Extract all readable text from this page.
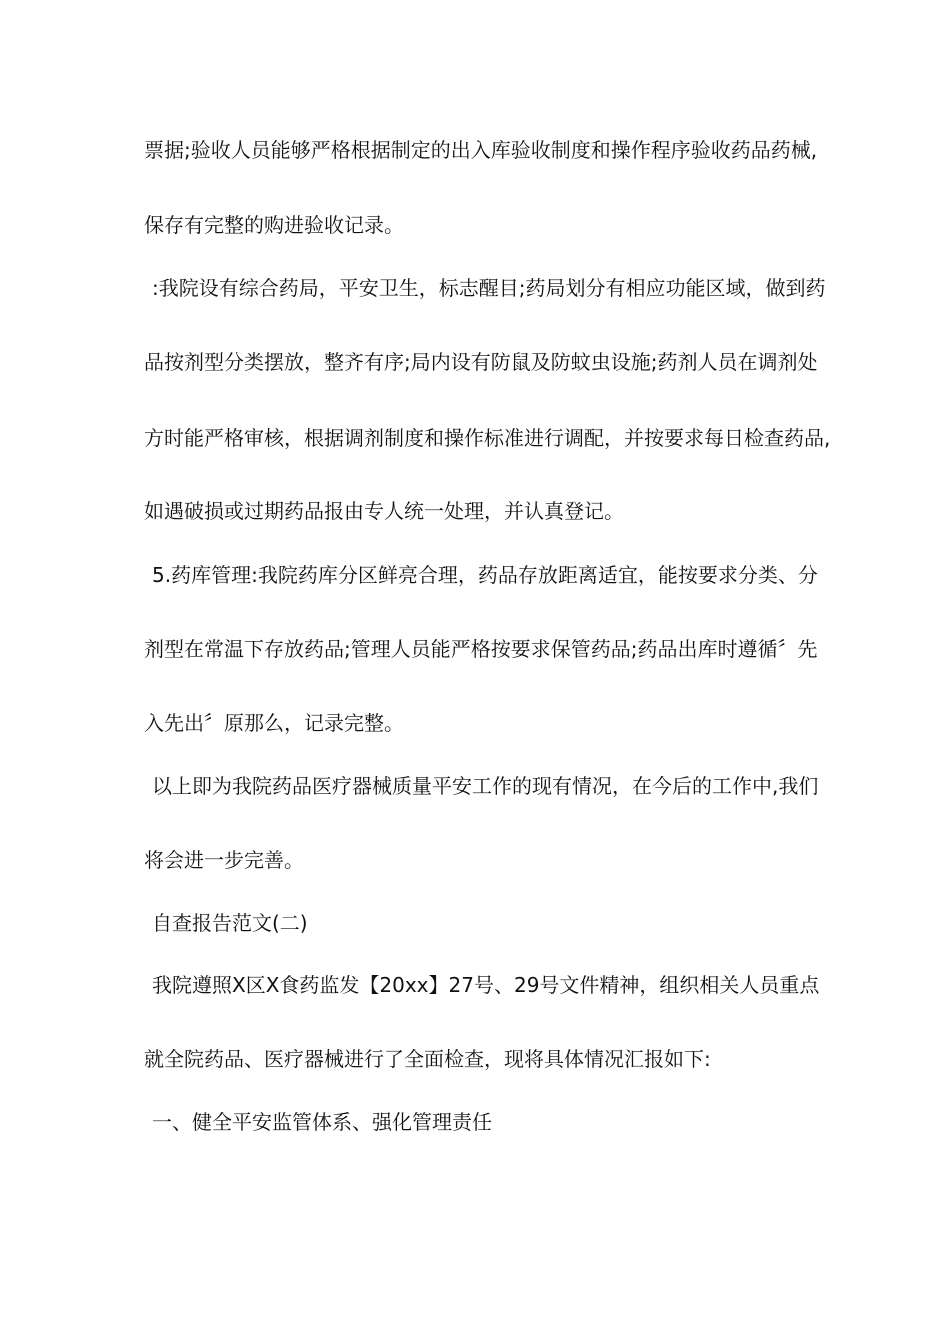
票据;验收人员能够严格根据制定的出入库验收制度和操作程序验收药品药械,
保存有完整的购进验收记录。
:我院设有综合药局，平安卫生，标志醒目;药局划分有相应功能区域，做到药
品按剂型分类摆放，整齐有序;局内设有防鼠及防蚊虫设施;药剂人员在调剂处
方时能严格审核，根据调剂制度和操作标准进行调配，并按要求每日检查药品,
如遇破损或过期药品报由专人统一处理，并认真登记。
5.药库管理:我院药库分区鲜亮合理，药品存放距离适宜，能按要求分类、分
剂型在常温下存放药品;管理人员能严格按要求保管药品;药品出库时遵循〞先
入先出〞原那么，记录完整。
以上即为我院药品医疗器械质量平安工作的现有情况，在今后的工作中,我们
将会进一步完善。
自查报告范文(二)
我院遵照X区X食药监发【20xx】27号、29号文件精神，组织相关人员重点
就全院药品、医疗器械进行了全面检查，现将具体情况汇报如下:
一、健全平安监管体系、强化管理责任
